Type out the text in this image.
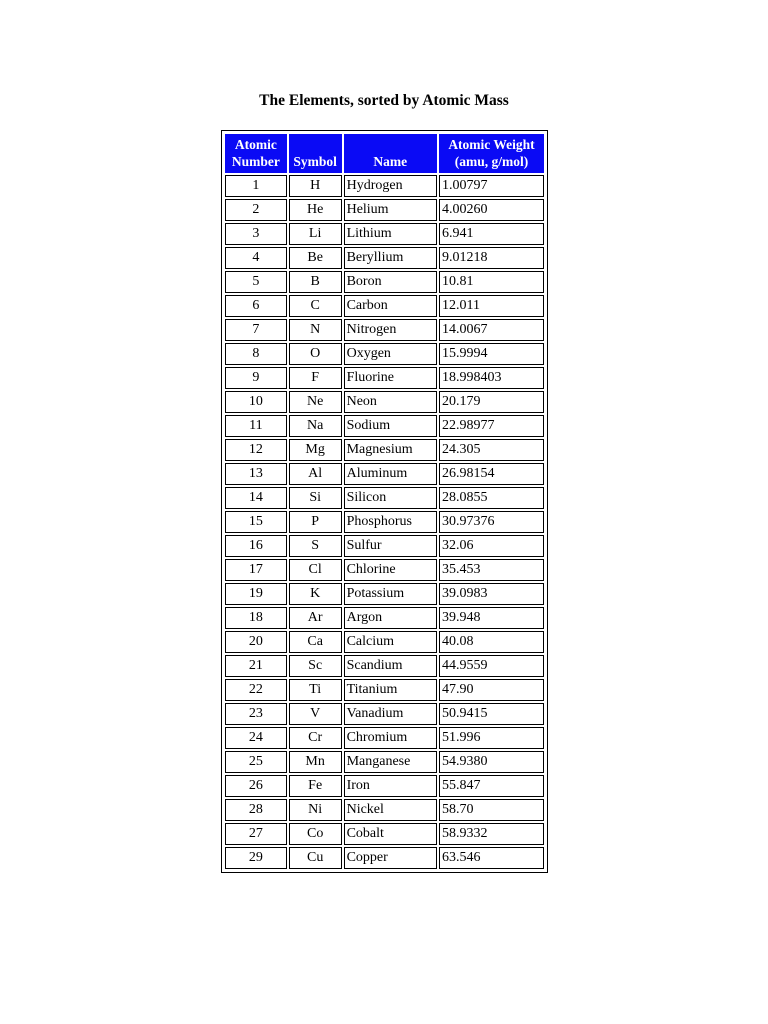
The Elements, sorted by Atomic Mass
Atomic
Number	Symbol	Name	Atomic Weight
(amu, g/mol)
1	H	Hydrogen	1.00797
2	He	Helium	4.00260
3	Li	Lithium	6.941
4	Be	Beryllium	9.01218
5	B	Boron	10.81
6	C	Carbon	12.011
7	N	Nitrogen	14.0067
8	O	Oxygen	15.9994
9	F	Fluorine	18.998403
10	Ne	Neon	20.179
11	Na	Sodium	22.98977
12	Mg	Magnesium	24.305
13	Al	Aluminum	26.98154
14	Si	Silicon	28.0855
15	P	Phosphorus	30.97376
16	S	Sulfur	32.06
17	Cl	Chlorine	35.453
19	K	Potassium	39.0983
18	Ar	Argon	39.948
20	Ca	Calcium	40.08
21	Sc	Scandium	44.9559
22	Ti	Titanium	47.90
23	V	Vanadium	50.9415
24	Cr	Chromium	51.996
25	Mn	Manganese	54.9380
26	Fe	Iron	55.847
28	Ni	Nickel	58.70
27	Co	Cobalt	58.9332
29	Cu	Copper	63.546
